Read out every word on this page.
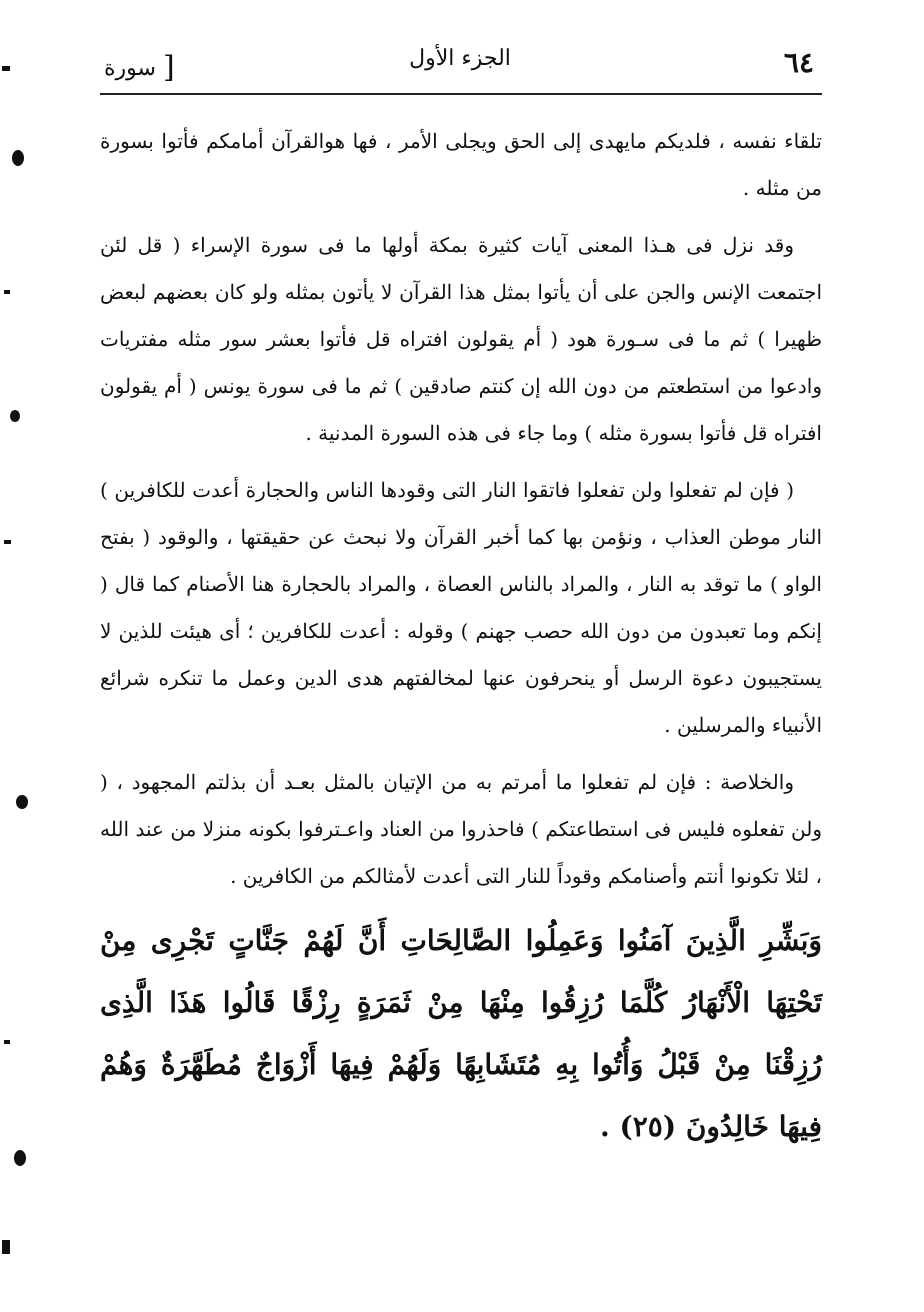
٦٤
الجزء الأول
[ سورة

تلقاء نفسه ، فلديكم مايهدى إلى الحق ويجلى الأمر ، فها هوالقرآن أمامكم فأتوا بسورة من مثله .

وقد نزل فى هـذا المعنى آيات كثيرة بمكة أولها ما فى سورة الإسراء ( قل لئن اجتمعت الإنس والجن على أن يأتوا بمثل هذا القرآن لا يأتون بمثله ولو كان بعضهم لبعض ظهيرا ) ثم ما فى سـورة هود ( أم يقولون افتراه قل فأتوا بعشر سور مثله مفتريات وادعوا من استطعتم من دون الله إن كنتم صادقين ) ثم ما فى سورة يونس ( أم يقولون افتراه قل فأتوا بسورة مثله ) وما جاء فى هذه السورة المدنية .

( فإن لم تفعلوا ولن تفعلوا فاتقوا النار التى وقودها الناس والحجارة أعدت للكافرين ) النار موطن العذاب ، ونؤمن بها كما أخبر القرآن ولا نبحث عن حقيقتها ، والوقود ( بفتح الواو ) ما توقد به النار ، والمراد بالناس العصاة ، والمراد بالحجارة هنا الأصنام كما قال ( إنكم وما تعبدون من دون الله حصب جهنم ) وقوله : أعدت للكافرين ؛ أى هيئت للذين لا يستجيبون دعوة الرسل أو ينحرفون عنها لمخالفتهم هدى الدين وعمل ما تنكره شرائع الأنبياء والمرسلين .

والخلاصة : فإن لم تفعلوا ما أمرتم به من الإتيان بالمثل بعـد أن بذلتم المجهود ، ( ولن تفعلوه فليس فى استطاعتكم ) فاحذروا من العناد واعـترفوا بكونه منزلا من عند الله ، لئلا تكونوا أنتم وأصنامكم وقوداً للنار التى أعدت لأمثالكم من الكافرين .

وَبَشِّرِ الَّذِينَ آمَنُوا وَعَمِلُوا الصَّالِحَاتِ أَنَّ لَهُمْ جَنَّاتٍ تَجْرِى مِنْ تَحْتِهَا الْأَنْهَارُ كُلَّمَا رُزِقُوا مِنْهَا مِنْ ثَمَرَةٍ رِزْقًا قَالُوا هَذَا الَّذِى رُزِقْنَا مِنْ قَبْلُ وَأُتُوا بِهِ مُتَشَابِهًا وَلَهُمْ فِيهَا أَزْوَاجٌ مُطَهَّرَةٌ وَهُمْ فِيهَا خَالِدُونَ (٢٥) .
